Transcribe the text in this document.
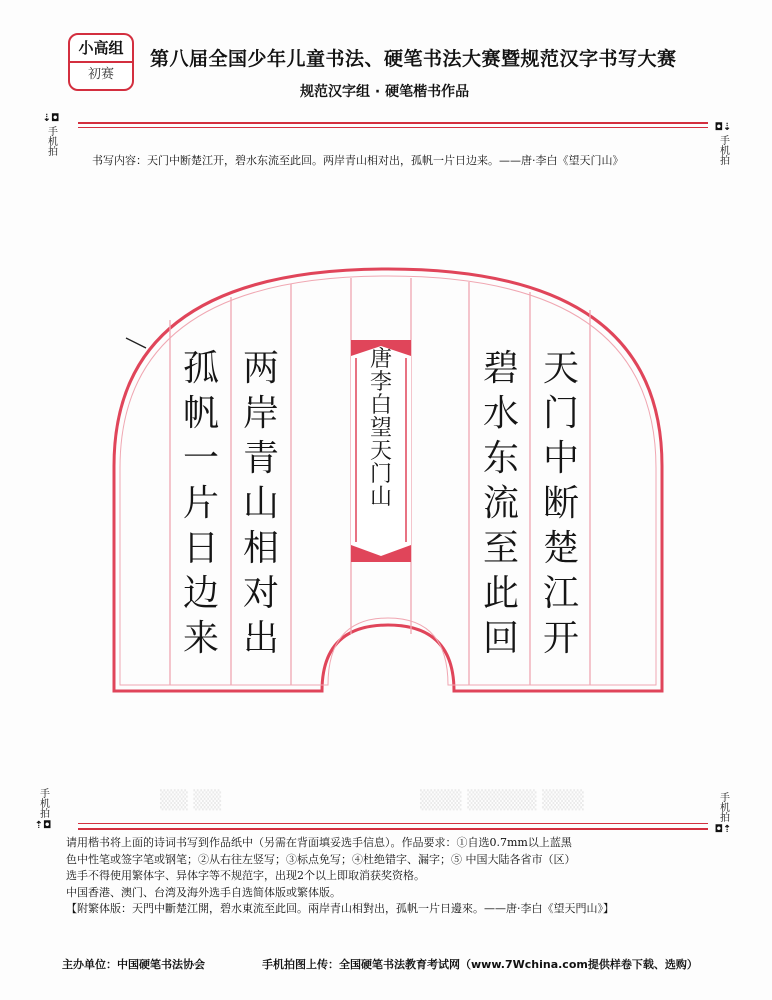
小高组
初赛
第八届全国少年儿童书法、硬笔书法大赛暨规范汉字书写大赛
规范汉字组 · 硬笔楷书作品
⇣◘
手机拍	◘⇣
手机拍
书写内容：天门中断楚江开，碧水东流至此回。两岸青山相对出，孤帆一片日边来。——唐·李白《望天门山》
天
门
中
断
楚
江
开
碧
水
东
流
至
此
回
唐
李
白
望
天
门
山
两
岸
青
山
相
对
出
孤
帆
一
片
日
边
来
▒▒ ▒▒	▒▒▒ ▒▒▒▒▒ ▒▒▒
手机拍
⇡◘
手机拍
◘⇡

请用楷书将上面的诗词书写到作品纸中（另需在背面填妥选手信息）。作品要求：①自选0.7mm以上蓝黑

色中性笔或签字笔或钢笔；②从右往左竖写；③标点免写；④杜绝错字、漏字；⑤ 中国大陆各省市（区）

选手不得使用繁体字、异体字等不规范字，出现2个以上即取消获奖资格。

中国香港、澳门、台湾及海外选手自选简体版或繁体版。

【附繁体版：天門中斷楚江開，碧水東流至此回。兩岸青山相對出，孤帆一片日邊來。——唐·李白《望天門山》】

主办单位：中国硬笔书法协会	手机拍图上传：全国硬笔书法教育考试网（www.7Wchina.com提供样卷下载、选购）
